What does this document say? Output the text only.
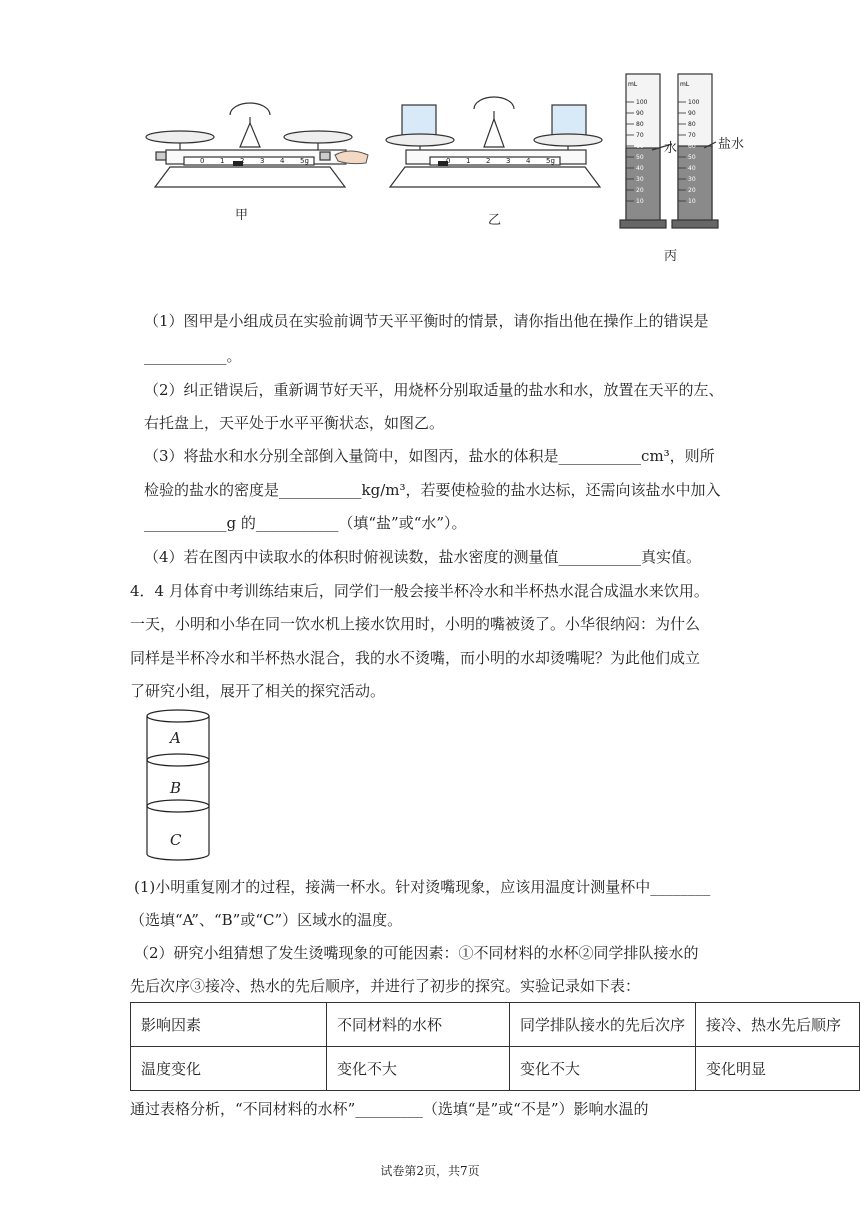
0 1 2 3 4 5g
甲
0 1 2 3 4 5g
乙
mL
100
90
80
70
60
50
40
30
20
10
mL
100
90
80
70
60
50
40
30
20
10
丙
水	盐水
（1）图甲是小组成员在实验前调节天平平衡时的情景，请你指出他在操作上的错误是
___________。
（2）纠正错误后，重新调节好天平，用烧杯分别取适量的盐水和水，放置在天平的左、
右托盘上，天平处于水平平衡状态，如图乙。
（3）将盐水和水分别全部倒入量筒中，如图丙，盐水的体积是___________cm³，则所
检验的盐水的密度是___________kg/m³，若要使检验的盐水达标，还需向该盐水中加入
___________g 的___________（填“盐”或“水”）。
（4）若在图丙中读取水的体积时俯视读数，盐水密度的测量值___________真实值。
4．4 月体育中考训练结束后，同学们一般会接半杯冷水和半杯热水混合成温水来饮用。
一天，小明和小华在同一饮水机上接水饮用时，小明的嘴被烫了。小华很纳闷：为什么
同样是半杯冷水和半杯热水混合，我的水不烫嘴，而小明的水却烫嘴呢？为此他们成立
了研究小组，展开了相关的探究活动。
A
B
C
(1)小明重复刚才的过程，接满一杯水。针对烫嘴现象，应该用温度计测量杯中________
（选填“A”、“B”或“C”）区域水的温度。
（2）研究小组猜想了发生烫嘴现象的可能因素：①不同材料的水杯②同学排队接水的
先后次序③接冷、热水的先后顺序，并进行了初步的探究。实验记录如下表：
影响因素	不同材料的水杯	同学排队接水的先后次序	接冷、热水先后顺序
温度变化	变化不大	变化不大	变化明显
通过表格分析，“不同材料的水杯”_________（选填“是”或“不是”）影响水温的
试卷第2页，共7页
